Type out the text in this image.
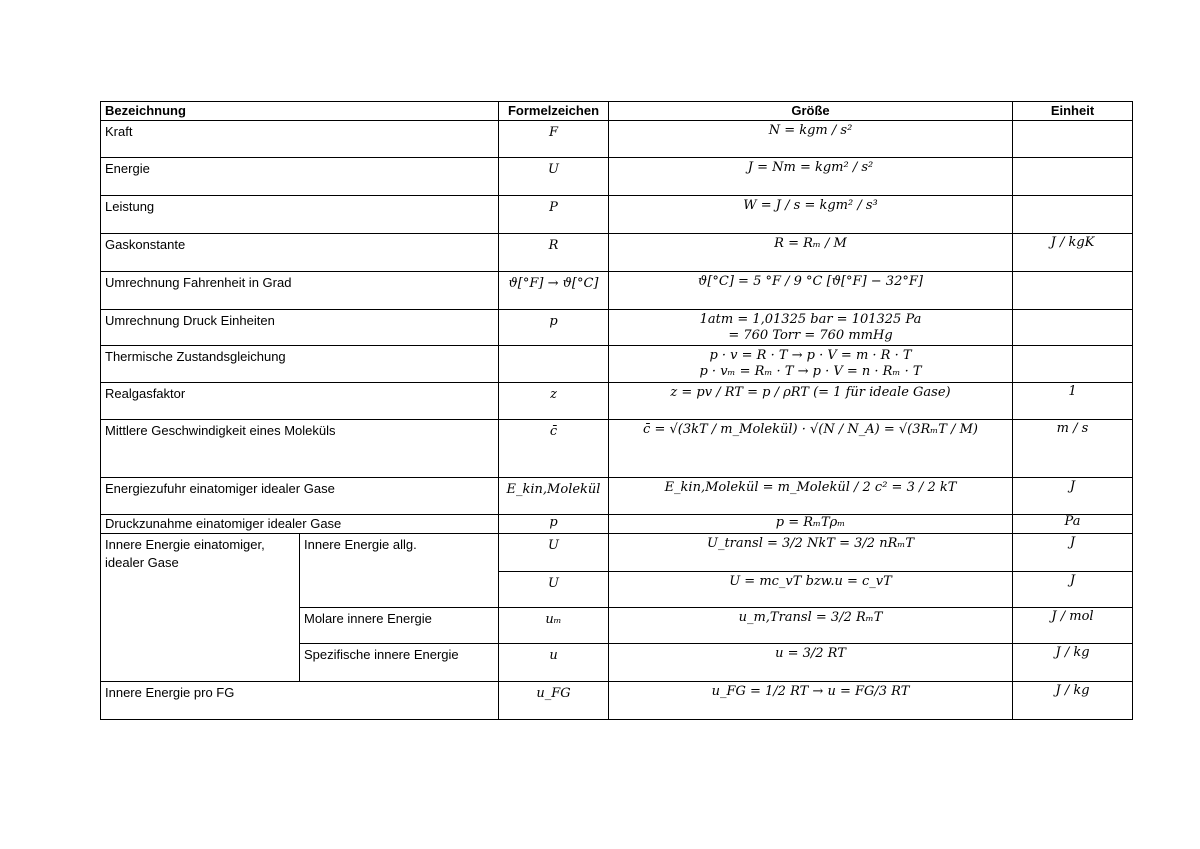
Bezeichnung		Formelzeichen	Größe	Einheit
Kraft		F	N = kgm / s²	

Energie		U	J = Nm = kgm² / s²	

Leistung		P	W = J / s = kgm² / s³	

Gaskonstante		R	R = Rₘ / M	J / kgK
Umrechnung Fahrenheit in Grad		ϑ[°F] → ϑ[°C]	ϑ[°C] = 5 °F / 9 °C [ϑ[°F] − 32°F]	

Umrechnung Druck Einheiten		p	1atm = 1,01325 bar = 101325 Pa
= 760 Torr = 760 mmHg	

Thermische Zustandsgleichung			p · v = R · T → p · V = m · R · T
p · vₘ = Rₘ · T → p · V = n · Rₘ · T	

Realgasfaktor		z	z = pv / RT = p / ρRT (= 1 für ideale Gase)	1
Mittlere Geschwindigkeit eines Moleküls		c̄	c̄ = √(3kT / m_Molekül) · √(N / N_A) = √(3RₘT / M)	m / s
Energiezufuhr einatomiger idealer Gase		E_kin,Molekül	E_kin,Molekül = m_Molekül / 2 c² = 3 / 2 kT	J
Druckzunahme einatomiger idealer Gase		p	p = RₘTρₘ	Pa
Innere Energie einatomiger, idealer Gase	Innere Energie allg.	U	U_transl = 3/2 NkT = 3/2 nRₘT	J
		U	U = mc_vT bzw.u = c_vT	J
	Molare innere Energie	uₘ	u_m,Transl = 3/2 RₘT	J / mol
	Spezifische innere Energie	u	u = 3/2 RT	J / kg
Innere Energie pro FG		u_FG	u_FG = 1/2 RT → u = FG/3 RT	J / kg
